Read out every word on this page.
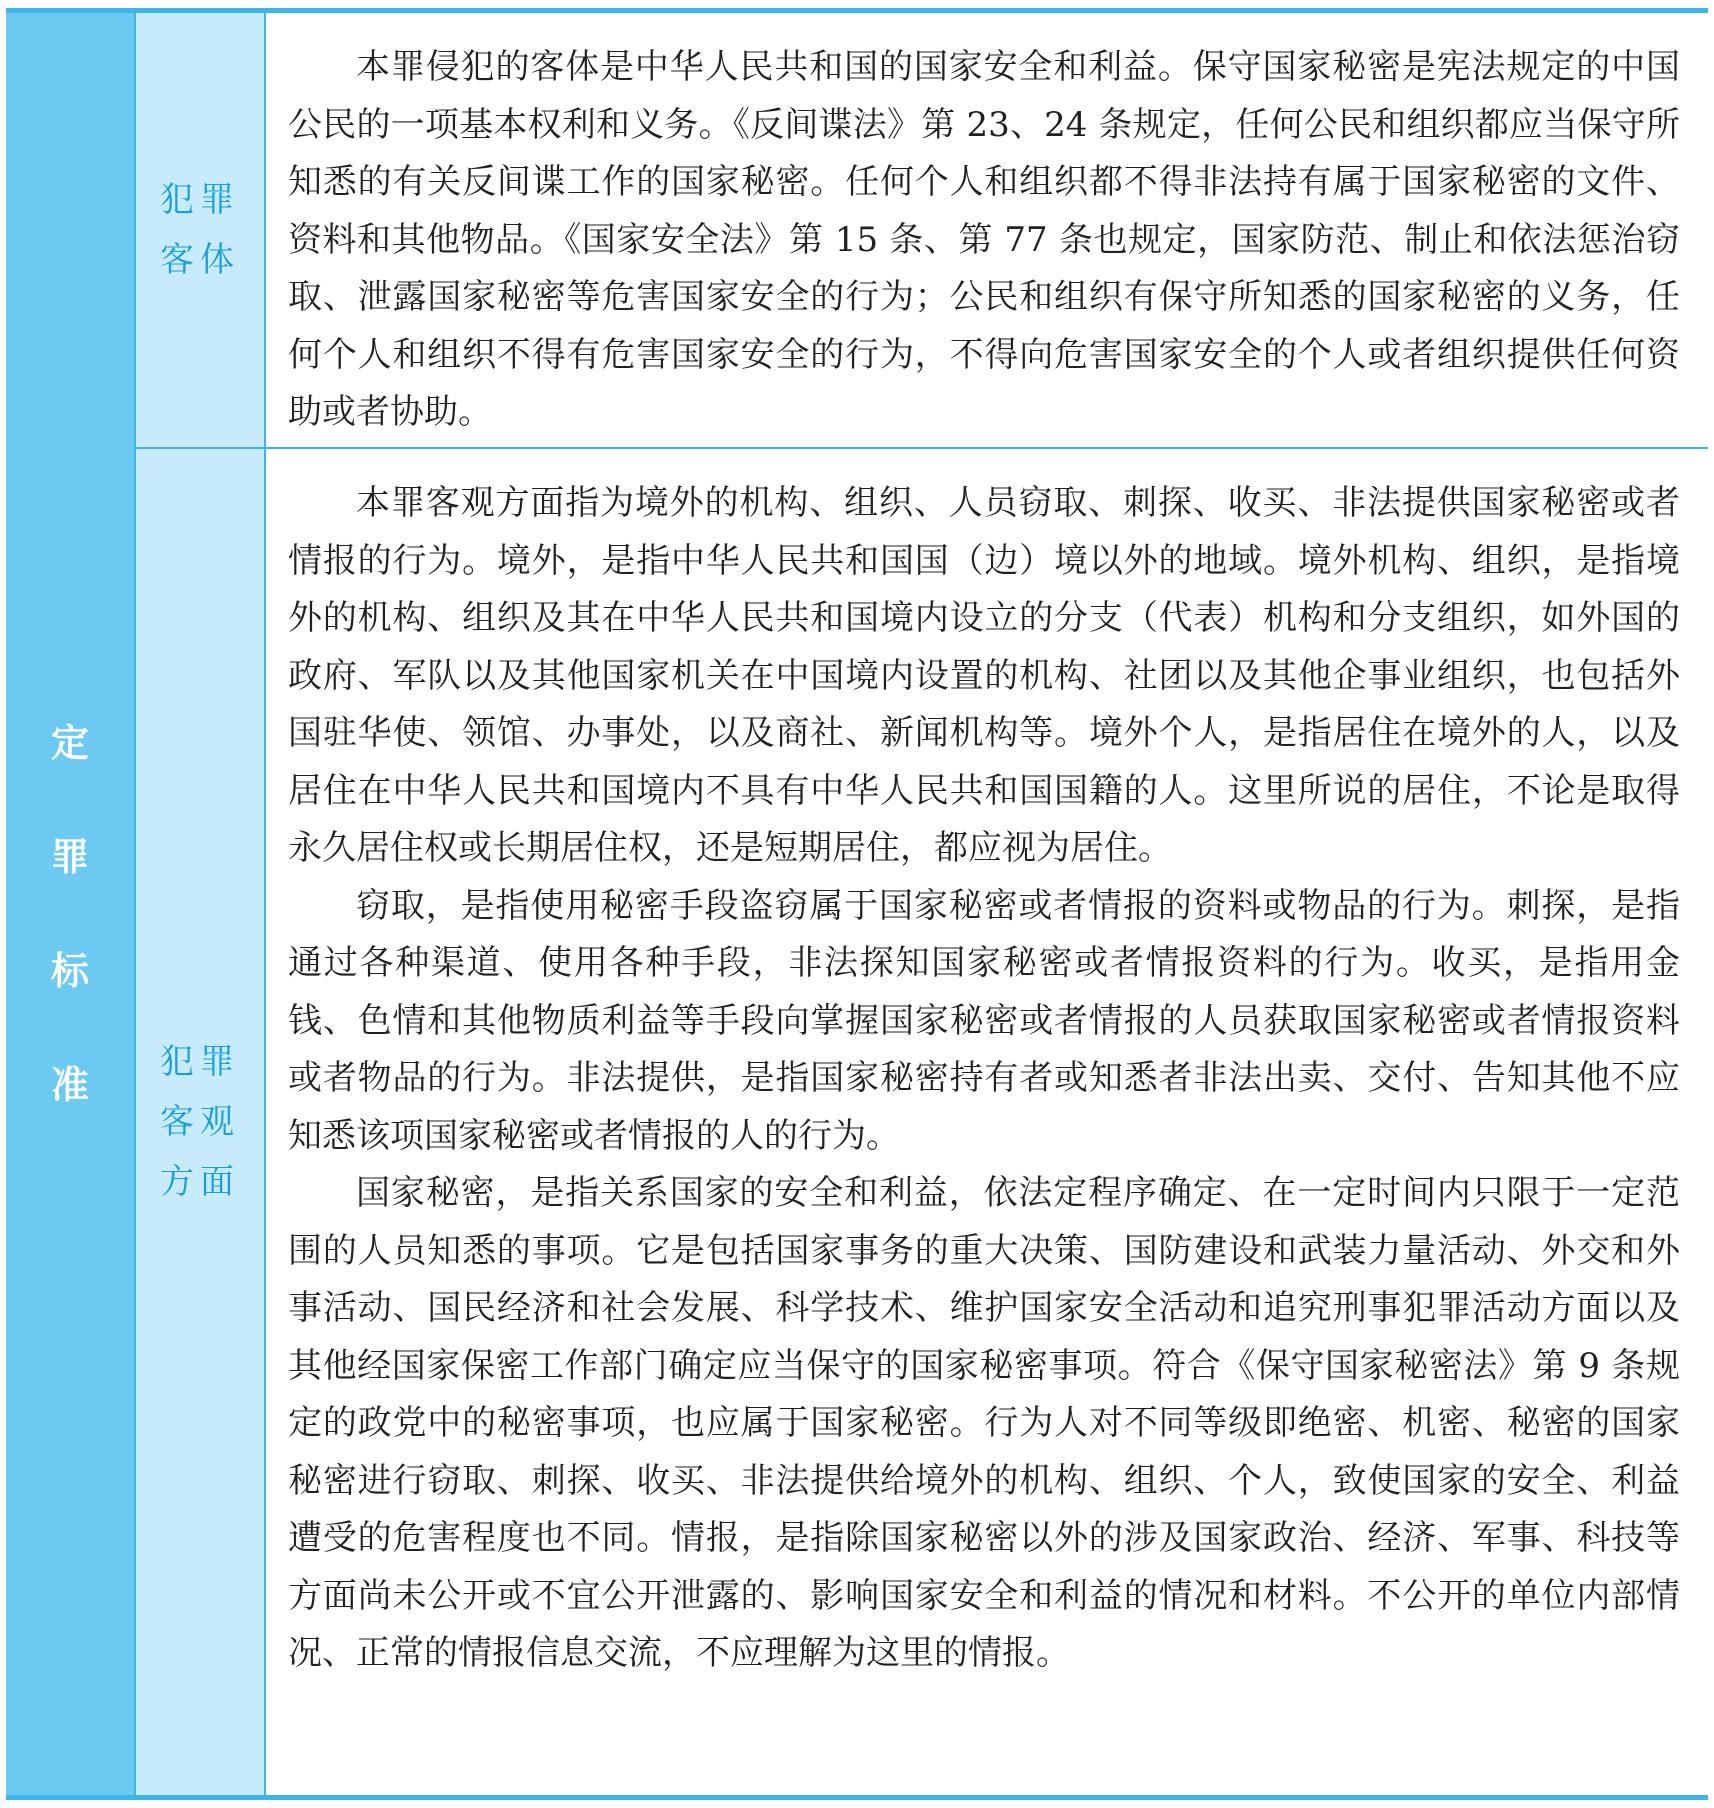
定
罪
标
准
犯罪客体

本罪侵犯的客体是中华人民共和国的国家安全和利益。保守国家秘密是宪法规定的中国公民的一项基本权利和义务。《反间谍法》第 23、24 条规定，任何公民和组织都应当保守所知悉的有关反间谍工作的国家秘密。任何个人和组织都不得非法持有属于国家秘密的文件、资料和其他物品。《国家安全法》第 15 条、第 77 条也规定，国家防范、制止和依法惩治窃取、泄露国家秘密等危害国家安全的行为；公民和组织有保守所知悉的国家秘密的义务，任何个人和组织不得有危害国家安全的行为，不得向危害国家安全的个人或者组织提供任何资助或者协助。

犯罪客观方面

本罪客观方面指为境外的机构、组织、人员窃取、刺探、收买、非法提供国家秘密或者情报的行为。境外，是指中华人民共和国国（边）境以外的地域。境外机构、组织，是指境外的机构、组织及其在中华人民共和国境内设立的分支（代表）机构和分支组织，如外国的政府、军队以及其他国家机关在中国境内设置的机构、社团以及其他企事业组织，也包括外国驻华使、领馆、办事处，以及商社、新闻机构等。境外个人，是指居住在境外的人，以及居住在中华人民共和国境内不具有中华人民共和国国籍的人。这里所说的居住，不论是取得永久居住权或长期居住权，还是短期居住，都应视为居住。

窃取，是指使用秘密手段盗窃属于国家秘密或者情报的资料或物品的行为。刺探，是指通过各种渠道、使用各种手段，非法探知国家秘密或者情报资料的行为。收买，是指用金钱、色情和其他物质利益等手段向掌握国家秘密或者情报的人员获取国家秘密或者情报资料或者物品的行为。非法提供，是指国家秘密持有者或知悉者非法出卖、交付、告知其他不应知悉该项国家秘密或者情报的人的行为。

国家秘密，是指关系国家的安全和利益，依法定程序确定、在一定时间内只限于一定范围的人员知悉的事项。它是包括国家事务的重大决策、国防建设和武装力量活动、外交和外事活动、国民经济和社会发展、科学技术、维护国家安全活动和追究刑事犯罪活动方面以及其他经国家保密工作部门确定应当保守的国家秘密事项。符合《保守国家秘密法》第 9 条规定的政党中的秘密事项，也应属于国家秘密。行为人对不同等级即绝密、机密、秘密的国家秘密进行窃取、刺探、收买、非法提供给境外的机构、组织、个人，致使国家的安全、利益遭受的危害程度也不同。情报，是指除国家秘密以外的涉及国家政治、经济、军事、科技等方面尚未公开或不宜公开泄露的、影响国家安全和利益的情况和材料。不公开的单位内部情况、正常的情报信息交流，不应理解为这里的情报。
